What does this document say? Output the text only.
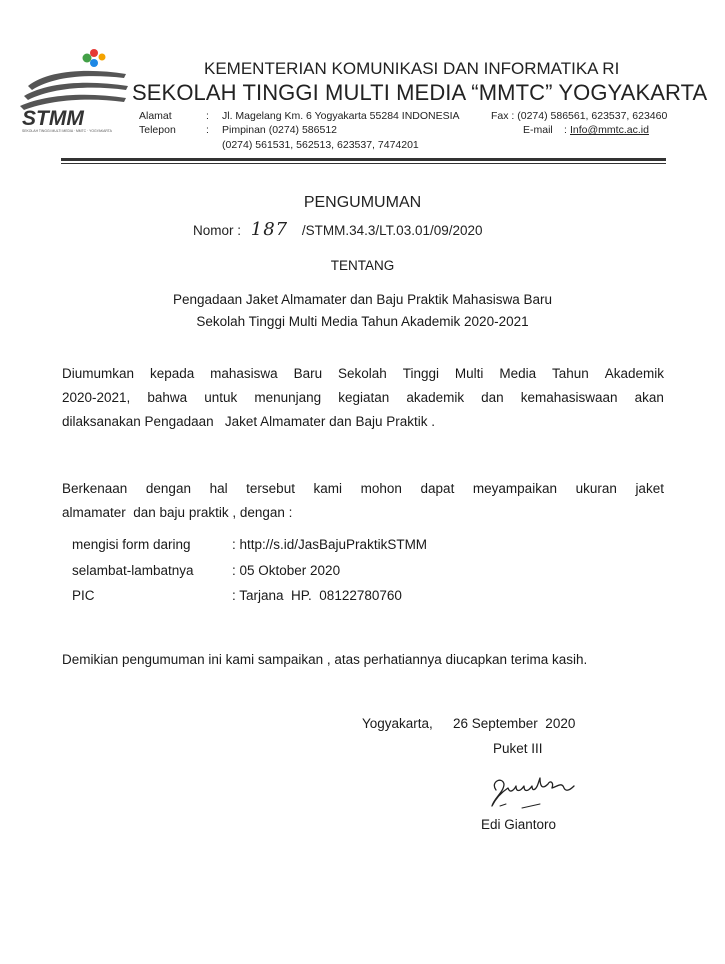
STMM
SEKOLAH TINGGI MULTI MEDIA · MMTC · YOGYAKARTA
KEMENTERIAN KOMUNIKASI DAN INFORMATIKA RI
SEKOLAH TINGGI MULTI MEDIA “MMTC” YOGYAKARTA
Alamat	: Jl. Magelang Km. 6 Yogyakarta 55284 INDONESIA	Fax : (0274) 586561, 623537, 623460
Telepon	: Pimpinan (0274) 586512	E-mail : Info@mmtc.ac.id
(0274) 561531, 562513, 623537, 7474201
PENGUMUMAN
Nomor : 187 /STMM.34.3/LT.03.01/09/2020
TENTANG
Pengadaan Jaket Almamater dan Baju Praktik Mahasiswa Baru
Sekolah Tinggi Multi Media Tahun Akademik 2020-2021
Diumumkan kepada mahasiswa Baru Sekolah Tinggi Multi Media Tahun Akademik
2020-2021, bahwa untuk menunjang kegiatan akademik dan kemahasiswaan akan
dilaksanakan Pengadaan   Jaket Almamater dan Baju Praktik .
Berkenaan dengan hal tersebut kami mohon dapat meyampaikan ukuran jaket
almamater  dan baju praktik , dengan :
mengisi form daring	: http://s.id/JasBajuPraktikSTMM
selambat-lambatnya	: 05 Oktober 2020
PIC	: Tarjana  HP.  08122780760
Demikian pengumuman ini kami sampaikan , atas perhatiannya diucapkan terima kasih.
Yogyakarta, 26 September  2020
Puket III
Edi Giantoro
